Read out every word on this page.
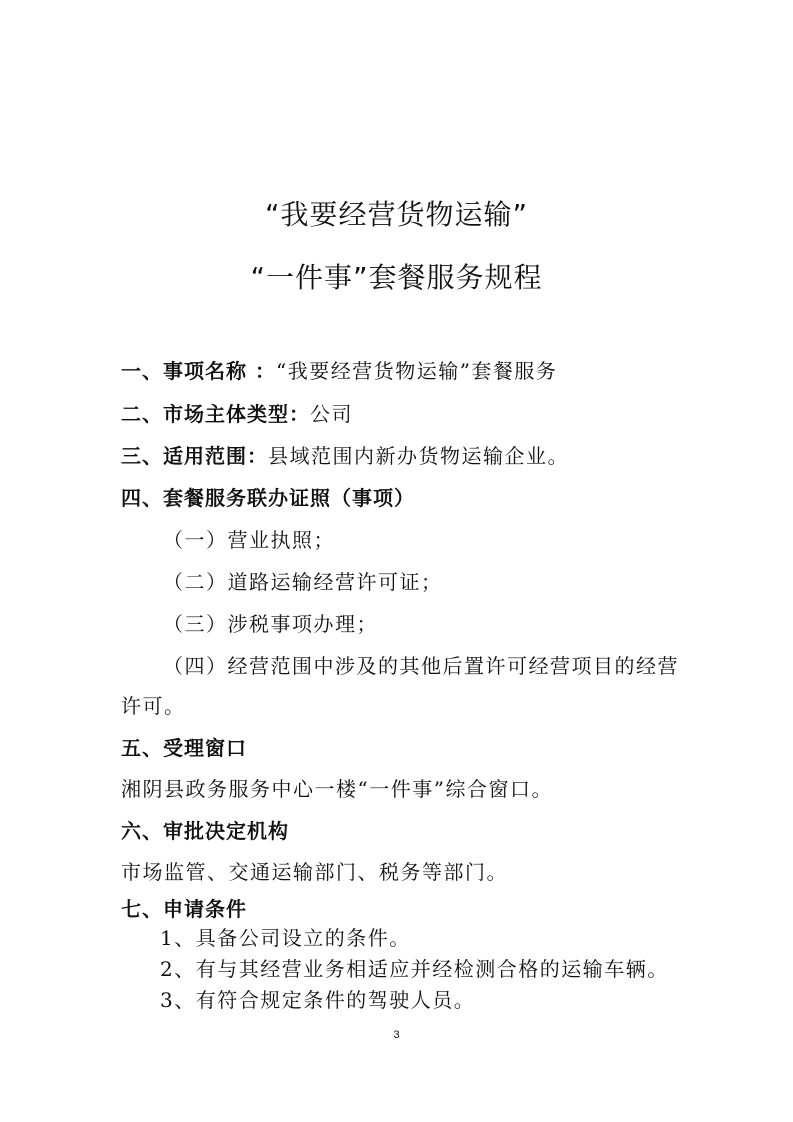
“我要经营货物运输”
“一件事”套餐服务规程
一、事项名称 ：“我要经营货物运输”套餐服务
二、市场主体类型：公司
三、适用范围：县域范围内新办货物运输企业。
四、套餐服务联办证照（事项）
（一）营业执照；
（二）道路运输经营许可证；
（三）涉税事项办理；
（四）经营范围中涉及的其他后置许可经营项目的经营
许可。
五、受理窗口
湘阴县政务服务中心一楼“一件事”综合窗口。
六、审批决定机构
市场监管、交通运输部门、税务等部门。
七、申请条件
1、具备公司设立的条件。
2、有与其经营业务相适应并经检测合格的运输车辆。
3、有符合规定条件的驾驶人员。
3
